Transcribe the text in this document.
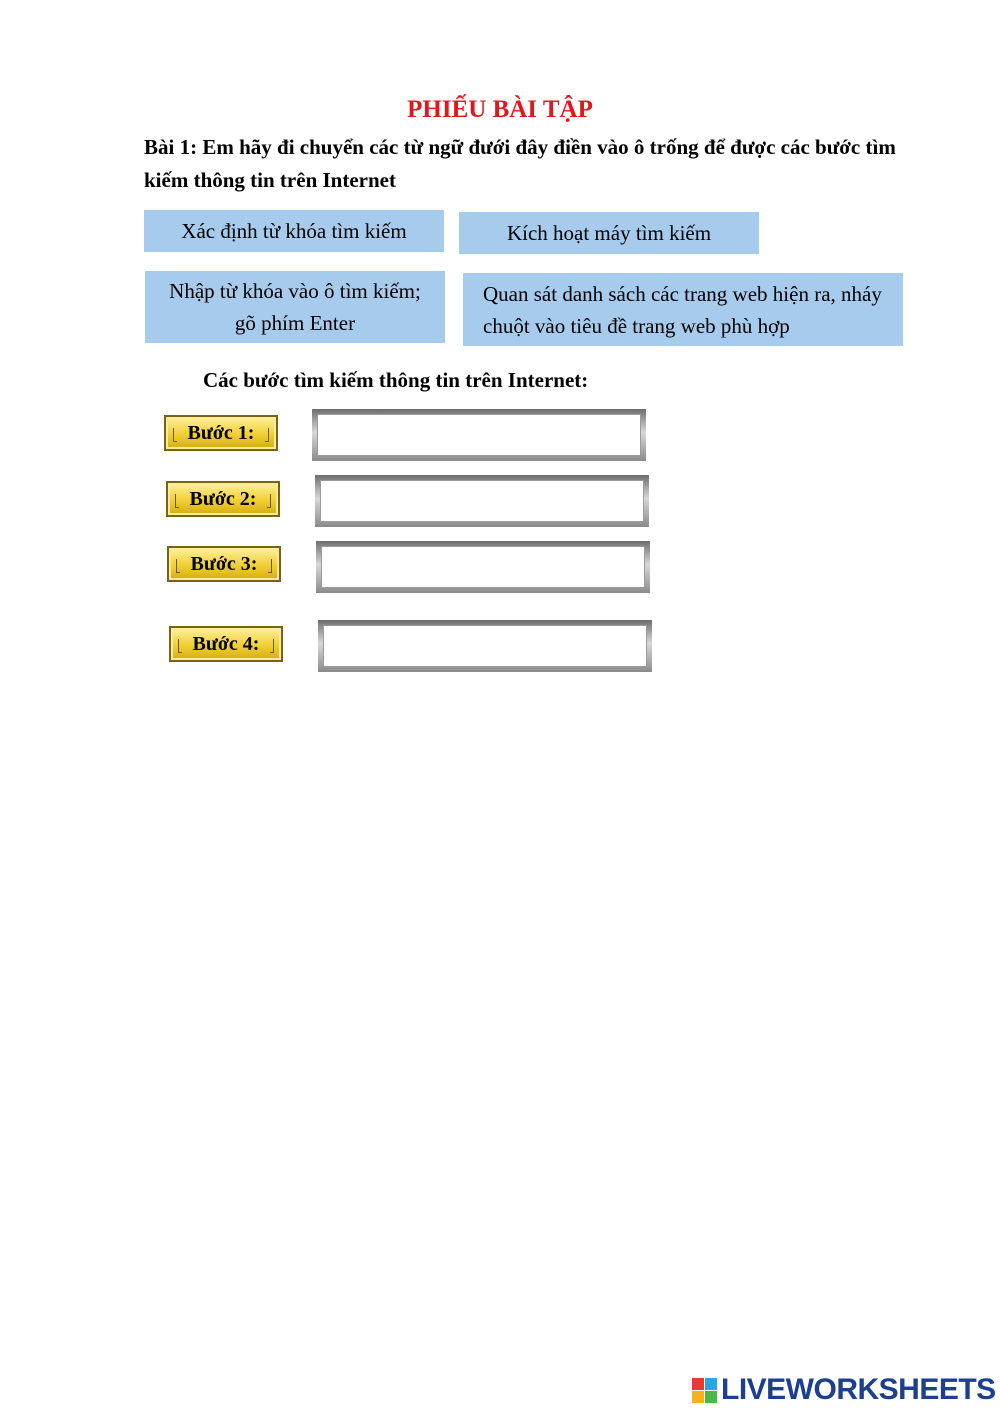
PHIẾU BÀI TẬP

Bài 1: Em hãy đi chuyển các từ ngữ đưới đây điền vào ô trống để được các bước tìm kiếm thông tin trên Internet

Xác định từ khóa tìm kiếm	Kích hoạt máy tìm kiếm
Nhập từ khóa vào ô tìm kiếm; gõ phím Enter
Quan sát danh sách các trang web hiện ra, nháy chuột vào tiêu đề trang web phù hợp

Các bước tìm kiếm thông tin trên Internet:

Bước 1:
Bước 2:
Bước 3:
Bước 4:
LIVEWORKSHEETS
